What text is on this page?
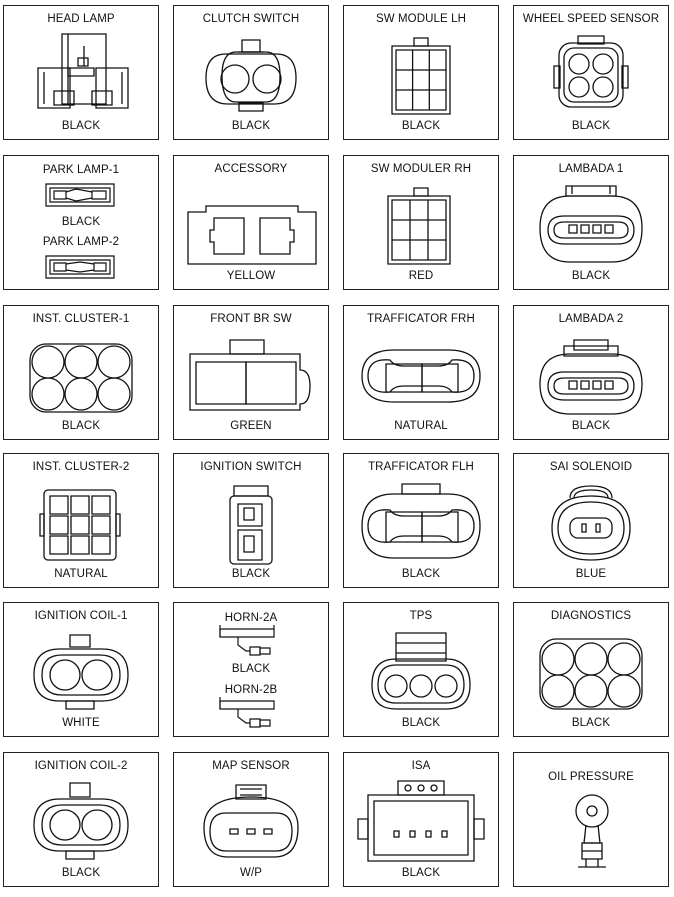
HEAD LAMP
BLACK
CLUTCH SWITCH
BLACK
SW MODULE LH
BLACK
WHEEL SPEED SENSOR
BLACK
PARK LAMP-1
BLACK
PARK LAMP-2
ACCESSORY
YELLOW
SW MODULER RH
RED
LAMBADA 1
BLACK
INST. CLUSTER-1
BLACK
FRONT BR SW
GREEN
TRAFFICATOR FRH
NATURAL
LAMBADA 2
BLACK
INST. CLUSTER-2
NATURAL
IGNITION SWITCH
BLACK
TRAFFICATOR FLH
BLACK
SAI SOLENOID
BLUE
IGNITION COIL-1
WHITE
HORN-2A
BLACK
HORN-2B
TPS
BLACK
DIAGNOSTICS
BLACK
IGNITION COIL-2
BLACK
MAP SENSOR
W/P
ISA
BLACK
OIL PRESSURE
